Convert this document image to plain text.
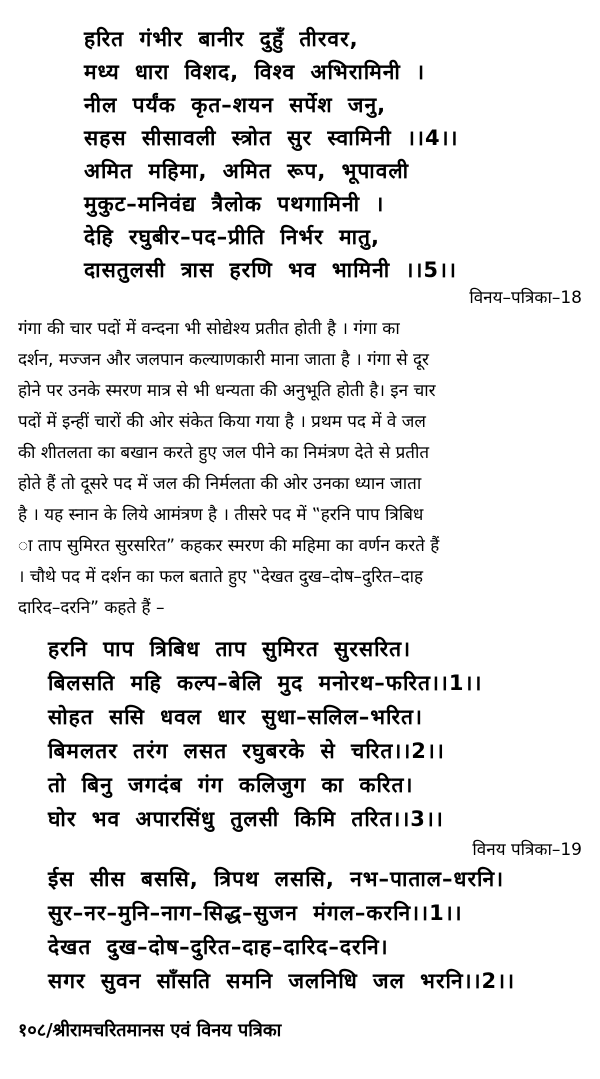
हरित गंभीर बानीर दुहुँ तीरवर,
मध्य धारा विशद, विश्व अभिरामिनी ।
नील पर्यंक कृत–शयन सर्पेश जनु,
सहस सीसावली स्त्रोत सुर स्वामिनी ।।4।।
अमित महिमा, अमित रूप, भूपावली
मुकुट–मनिवंद्य त्रैलोक पथगामिनी ।
देहि रघुबीर–पद–प्रीति निर्भर मातु,
दासतुलसी त्रास हरणि भव भामिनी ।।5।।
विनय–पत्रिका–18
गंगा की चार पदों में वन्दना भी सोद्येश्य प्रतीत होती है । गंगा का
दर्शन, मज्जन और जलपान कल्याणकारी माना जाता है । गंगा से दूर
होने पर उनके स्मरण मात्र से भी धन्यता की अनुभूति होती है। इन चार
पदों में इन्हीं चारों की ओर संकेत किया गया है । प्रथम पद में वे जल
की शीतलता का बखान करते हुए जल पीने का निमंत्रण देते से प्रतीत
होते हैं तो दूसरे पद में जल की निर्मलता की ओर उनका ध्यान जाता
है । यह स्नान के लिये आमंत्रण है । तीसरे पद में ‟हरनि पाप त्रिबिध
ा ताप सुमिरत सुरसरित” कहकर स्मरण की महिमा का वर्णन करते हैं
। चौथे पद में दर्शन का फल बताते हुए ‟देखत दुख–दोष–दुरित–दाह
दारिद–दरनि” कहते हैं –
हरनि पाप त्रिबिध ताप सुमिरत सुरसरित।
बिलसति महि कल्प–बेलि मुद मनोरथ–फरित।।1।।
सोहत ससि धवल धार सुधा–सलिल–भरित।
बिमलतर तरंग लसत रघुबरके से चरित।।2।।
तो बिनु जगदंब गंग कलिजुग का करित।
घोर भव अपारसिंधु तुलसी किमि तरित।।3।।
विनय पत्रिका–19
ईस सीस बससि, त्रिपथ लससि, नभ–पाताल–धरनि।
सुर–नर–मुनि–नाग–सिद्ध–सुजन मंगल–करनि।।1।।
देखत दुख–दोष–दुरित–दाह–दारिद–दरनि।
सगर सुवन साँसति समनि जलनिधि जल भरनि।।2।।
१०८/श्रीरामचरितमानस एवं विनय पत्रिका
